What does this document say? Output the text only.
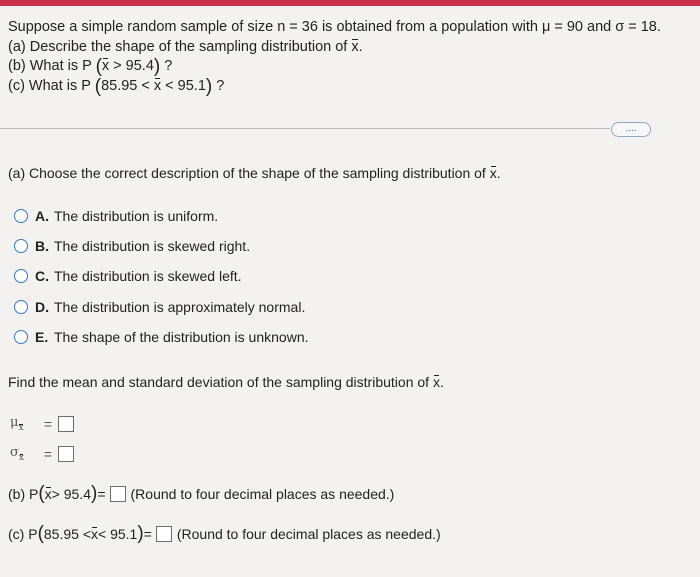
Suppose a simple random sample of size n = 36 is obtained from a population with μ = 90 and σ = 18.
(a) Describe the shape of the sampling distribution of x.
(b) What is P (x > 95.4) ?
(c) What is P (85.95 < x < 95.1) ?
....
(a) Choose the correct description of the shape of the sampling distribution of x.
A. The distribution is uniform.
B. The distribution is skewed right.
C. The distribution is skewed left.
D. The distribution is approximately normal.
E. The shape of the distribution is unknown.
Find the mean and standard deviation of the sampling distribution of x.
$\mu_x$	=
$\sigma_x$	=
(b) P ( x > 95.4 ) = (Round to four decimal places as needed.)
(c) P ( 85.95 < x < 95.1 ) = (Round to four decimal places as needed.)
